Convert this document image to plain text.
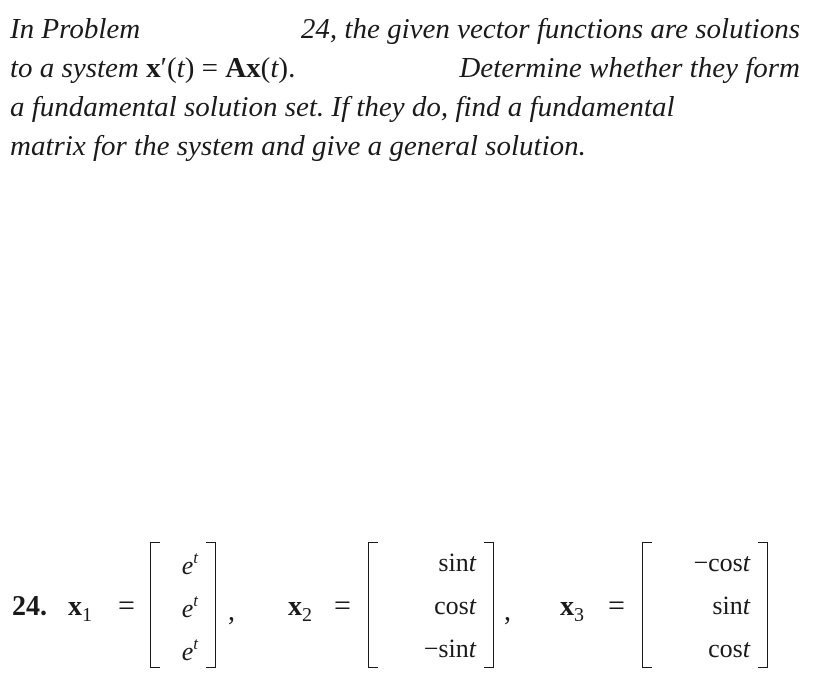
In Problem	24, the given vector functions are solutions
to a system x′(t) = Ax(t).	Determine whether they form
a fundamental solution set. If they do, find a fundamental
matrix for the system and give a general solution.
24. $x_1$ =
$e^t$
$e^t$
$e^t$
, $x_2$ =
sint
cost
−sint
, $x_3$ =
−cost
sint
cost
